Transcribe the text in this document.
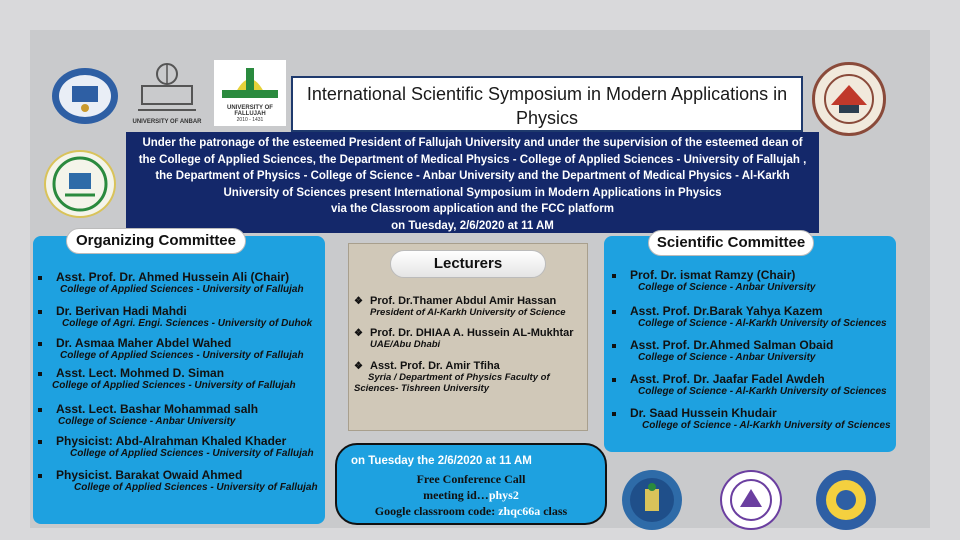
UNIVERSITY OF ANBAR
UNIVERSITY OF FALLUJAH
2010 - 1431
International Scientific Symposium in Modern Applications in Physics
Under the patronage of the esteemed President of Fallujah University and under the supervision of the esteemed dean of the College of Applied Sciences, the Department of Medical Physics - College of Applied Sciences - University of Fallujah , the Department of Physics - College of Science - Anbar University and the Department of Medical Physics - Al-Karkh University of Sciences present International Symposium in Modern Applications in Physics
via the Classroom application and the FCC platform
on Tuesday, 2/6/2020 at 11 AM
Organizing Committee
Asst. Prof. Dr. Ahmed Hussein Ali (Chair)
College of Applied Sciences - University of Fallujah
Dr. Berivan Hadi Mahdi
College of Agri. Engi. Sciences - University of Duhok
Dr. Asmaa Maher Abdel Wahed
College of Applied Sciences - University of Fallujah
Asst. Lect. Mohmed D. Siman
College of Applied Sciences - University of Fallujah
Asst. Lect. Bashar Mohammad salh
College of Science - Anbar University
Physicist: Abd-Alrahman Khaled Khader
College of Applied Sciences - University of Fallujah
Physicist. Barakat Owaid Ahmed
College of Applied Sciences - University of Fallujah
Lecturers
❖ Prof. Dr.Thamer Abdul Amir Hassan
President of Al-Karkh University of Science
❖ Prof. Dr. DHIAA A. Hussein AL-Mukhtar
UAE/Abu Dhabi
❖ Asst. Prof. Dr. Amir Tfiha
Syria / Department of Physics Faculty of
Sciences- Tishreen University
Scientific Committee
Prof. Dr. ismat Ramzy (Chair)
College of Science - Anbar University
Asst. Prof. Dr.Barak Yahya Kazem
College of Science - Al-Karkh University of Sciences
Asst. Prof. Dr.Ahmed Salman Obaid
College of Science - Anbar University
Asst. Prof. Dr. Jaafar Fadel Awdeh
College of Science - Al-Karkh University of Sciences
Dr. Saad Hussein Khudair
College of Science - Al-Karkh University of Sciences
on Tuesday the 2/6/2020 at 11 AM
Free Conference Call
meeting id…phys2
Google classroom code: zhqc66a class
